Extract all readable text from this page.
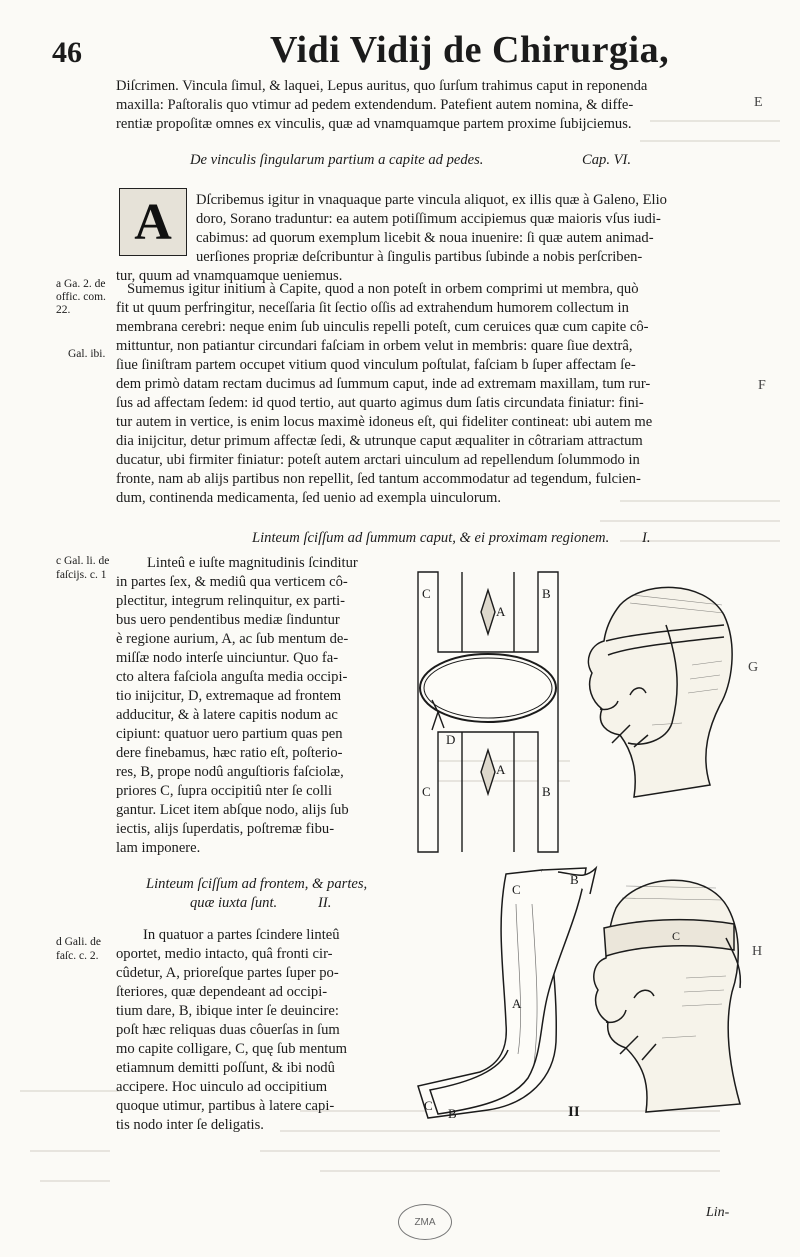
46	Vidi Vidij de Chirurgia,
Diſcrimen. Vincula ſimul, & laquei, Lepus auritus, quo ſurſum trahimus caput in reponenda
maxilla: Paſtoralis quo vtimur ad pedem extendendum. Patefient autem nomina, & diffe-
rentiæ propoſitæ omnes ex vinculis, quæ ad vnamquamque partem proxime ſubijciemus.
De vinculis ſingularum partium a capite ad pedes.	Cap. VI.
A	Dſcribemus igitur in vnaquaque parte vincula aliquot, ex illis quæ à Galeno, Elio
doro, Sorano traduntur: ea autem potiſſimum accipiemus quæ maioris vſus iudi-
cabimus: ad quorum exemplum licebit & noua inuenire: ſi quæ autem animad-
uerſiones propriæ deſcribuntur à ſingulis partibus ſubinde a nobis perſcriben-
tur, quum ad vnamquamque ueniemus.
Sumemus igitur initium à Capite, quod a non poteſt in orbem comprimi ut membra, quò
fit ut quum perfringitur, neceſſaria ſit ſectio oſſis ad extrahendum humorem collectum in
membrana cerebri: neque enim ſub uinculis repelli poteſt, cum ceruices quæ cum capite cô-
mittuntur, non patiantur circundari faſciam in orbem velut in membris: quare ſiue dextrâ,
ſiue ſiniſtram partem occupet vitium quod vinculum poſtulat, faſciam b ſuper affectam ſe-
dem primò datam rectam ducimus ad ſummum caput, inde ad extremam maxillam, tum rur-
ſus ad affectam ſedem: id quod tertio, aut quarto agimus dum ſatis circundata finiatur: fini-
tur autem in vertice, is enim locus maximè idoneus eſt, qui fideliter contineat: ubi autem me
dia inijcitur, detur primum affectæ ſedi, & utrunque caput æqualiter in côtrariam attractum
ducatur, ubi firmiter finiatur: poteſt autem arctari uinculum ad repellendum ſolummodo in
fronte, nam ab alijs partibus non repellit, ſed tantum accommodatur ad tegendum, fulcien-
dum, continenda medicamenta, ſed uenio ad exempla uinculorum.
a Ga. 2. de
offic. com.
22.
Gal. ibi.
c Gal. li. de
faſcijs. c. 1
d Gali. de
faſc. c. 2.
E
F
G
H
Linteum ſciſſum ad ſummum caput, & ei proximam regionem. I.
Linteû e iuſte magnitudinis ſcinditur
in partes ſex, & mediû qua verticem cô-
plectitur, integrum relinquitur, ex parti-
bus uero pendentibus mediæ ſinduntur
è regione aurium, A, ac ſub mentum de-
miſſæ nodo interſe uinciuntur. Quo fa-
cto altera faſciola anguſta media occipi-
tio inijcitur, D, extremaque ad frontem
adducitur, & à latere capitis nodum ac
cipiunt: quatuor uero partium quas pen
dere finebamus, hæc ratio eſt, poſterio-
res, B, prope nodû anguſtioris faſciolæ,
priores C, ſupra occipitiû nter ſe colli
gantur. Licet item abſque nodo, alijs ſub
iectis, alijs ſuperdatis, poſtremæ fibu-
lam imponere.
Linteum ſciſſum ad frontem, & partes,
quæ iuxta ſunt.	II.
In quatuor a partes ſcindere linteû
oportet, medio intacto, quâ fronti cir-
cûdetur, A, prioreſque partes ſuper po-
ſteriores, quæ dependeant ad occipi-
tium dare, B, ibique inter ſe deuincire:
poſt hæc reliquas duas côuerſas in ſum
mo capite colligare, C, quę ſub mentum
etiamnum demitti poſſunt, & ibi nodû
accipere. Hoc uinculo ad occipitium
quoque utimur, partibus à latere capi-
tis nodo inter ſe deligatis.
C
A
B
C
A
B
D
C
A
C
B
B
II
C
ZMA
Lin-
